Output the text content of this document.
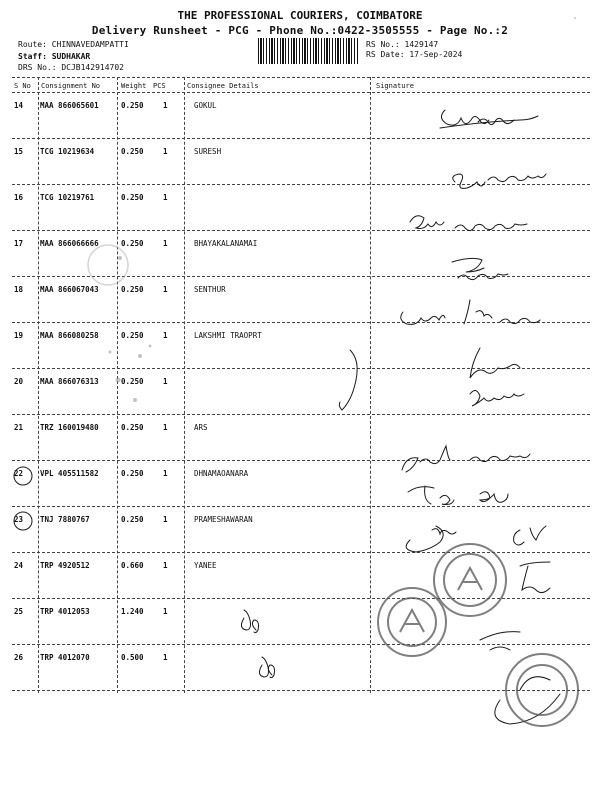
THE PROFESSIONAL COURIERS, COIMBATORE
Delivery Runsheet - PCG - Phone No.:0422-3505555 - Page No.:2
Route: CHINNAVEDAMPATTI
Staff: SUDHAKAR
DRS No.: DCJB142914702
RS No.: 1429147
RS Date: 17-Sep-2024
S No Consignment No	Weight PCS	Consignee Details	Signature
14 MAA 866065601	0.250	1	GOKUL
15 TCG 10219634	0.250	1	SURESH
16 TCG 10219761	0.250	1
17 MAA 866066666	0.250	1	BHAYAKALANAMAI
18 MAA 866067043	0.250	1	SENTHUR
19 MAA 866080258	0.250	1	LAKSHMI TRAOPRT
20 MAA 866076313	0.250	1
21 TRZ 160019480	0.250	1	ARS
22 VPL 405511582	0.250	1	DHNAMAOANARA
23 TNJ 7880767	0.250	1	PRAMESHAWARAN
24 TRP 4920512	0.660	1	YANEE
25 TRP 4012053	1.240	1
26 TRP 4012070	0.500	1
